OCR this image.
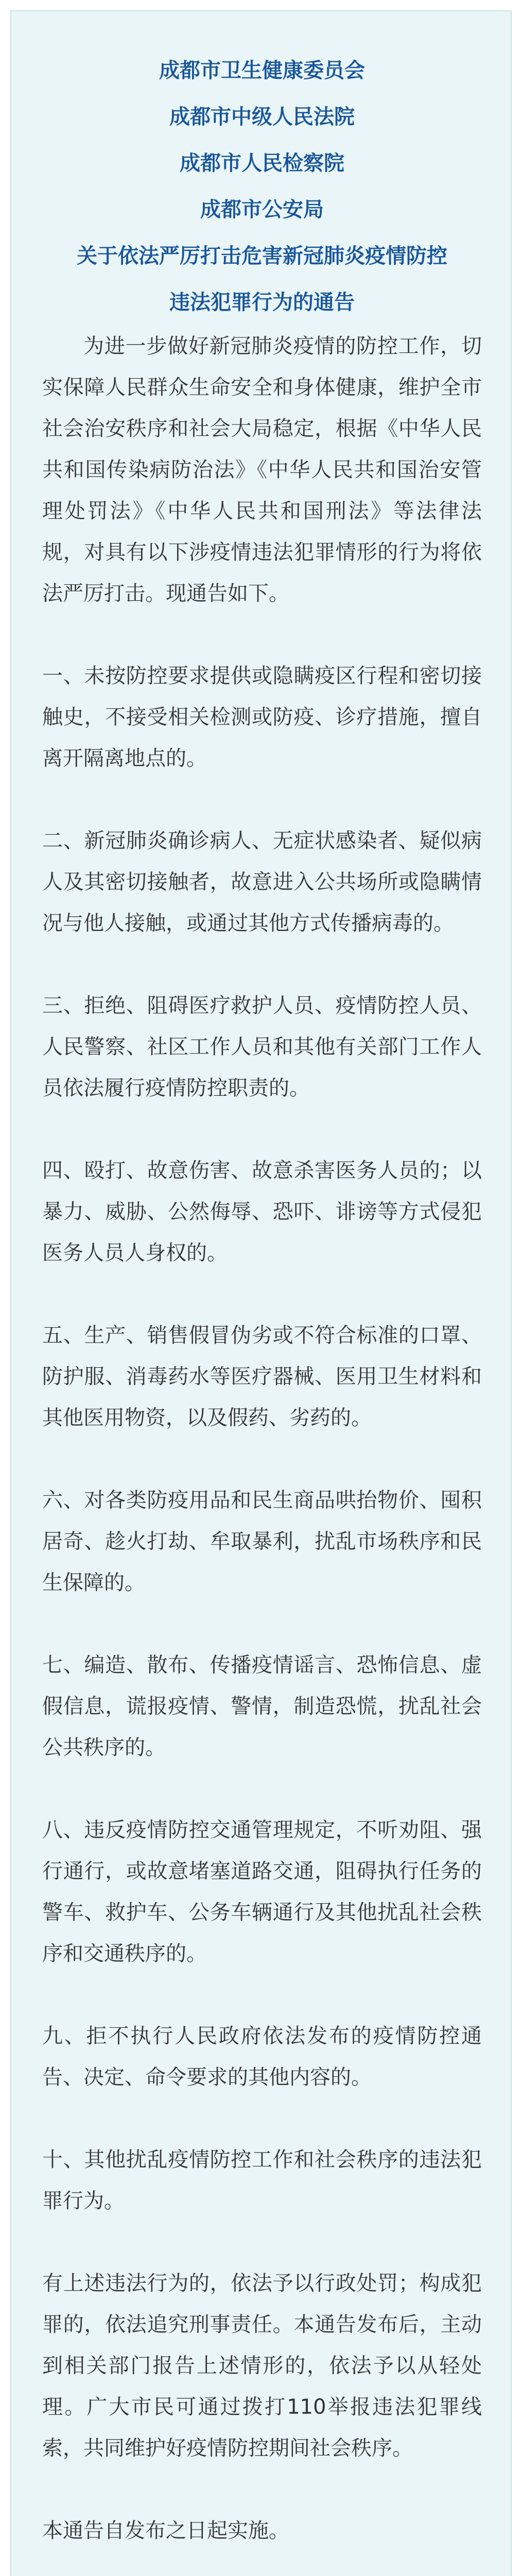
成都市卫生健康委员会
成都市中级人民法院
成都市人民检察院
成都市公安局
关于依法严厉打击危害新冠肺炎疫情防控
违法犯罪行为的通告

为进一步做好新冠肺炎疫情的防控工作，切实保障人民群众生命安全和身体健康，维护全市社会治安秩序和社会大局稳定，根据《中华人民共和国传染病防治法》《中华人民共和国治安管理处罚法》《中华人民共和国刑法》等法律法规，对具有以下涉疫情违法犯罪情形的行为将依法严厉打击。现通告如下。

一、未按防控要求提供或隐瞒疫区行程和密切接触史，不接受相关检测或防疫、诊疗措施，擅自离开隔离地点的。

二、新冠肺炎确诊病人、无症状感染者、疑似病人及其密切接触者，故意进入公共场所或隐瞒情况与他人接触，或通过其他方式传播病毒的。

三、拒绝、阻碍医疗救护人员、疫情防控人员、人民警察、社区工作人员和其他有关部门工作人员依法履行疫情防控职责的。

四、殴打、故意伤害、故意杀害医务人员的；以暴力、威胁、公然侮辱、恐吓、诽谤等方式侵犯医务人员人身权的。

五、生产、销售假冒伪劣或不符合标准的口罩、防护服、消毒药水等医疗器械、医用卫生材料和其他医用物资，以及假药、劣药的。

六、对各类防疫用品和民生商品哄抬物价、囤积居奇、趁火打劫、牟取暴利，扰乱市场秩序和民生保障的。

七、编造、散布、传播疫情谣言、恐怖信息、虚假信息，谎报疫情、警情，制造恐慌，扰乱社会公共秩序的。

八、违反疫情防控交通管理规定，不听劝阻、强行通行，或故意堵塞道路交通，阻碍执行任务的警车、救护车、公务车辆通行及其他扰乱社会秩序和交通秩序的。

九、拒不执行人民政府依法发布的疫情防控通告、决定、命令要求的其他内容的。

十、其他扰乱疫情防控工作和社会秩序的违法犯罪行为。

有上述违法行为的，依法予以行政处罚；构成犯罪的，依法追究刑事责任。本通告发布后，主动到相关部门报告上述情形的，依法予以从轻处理。广大市民可通过拨打110举报违法犯罪线索，共同维护好疫情防控期间社会秩序。

本通告自发布之日起实施。
